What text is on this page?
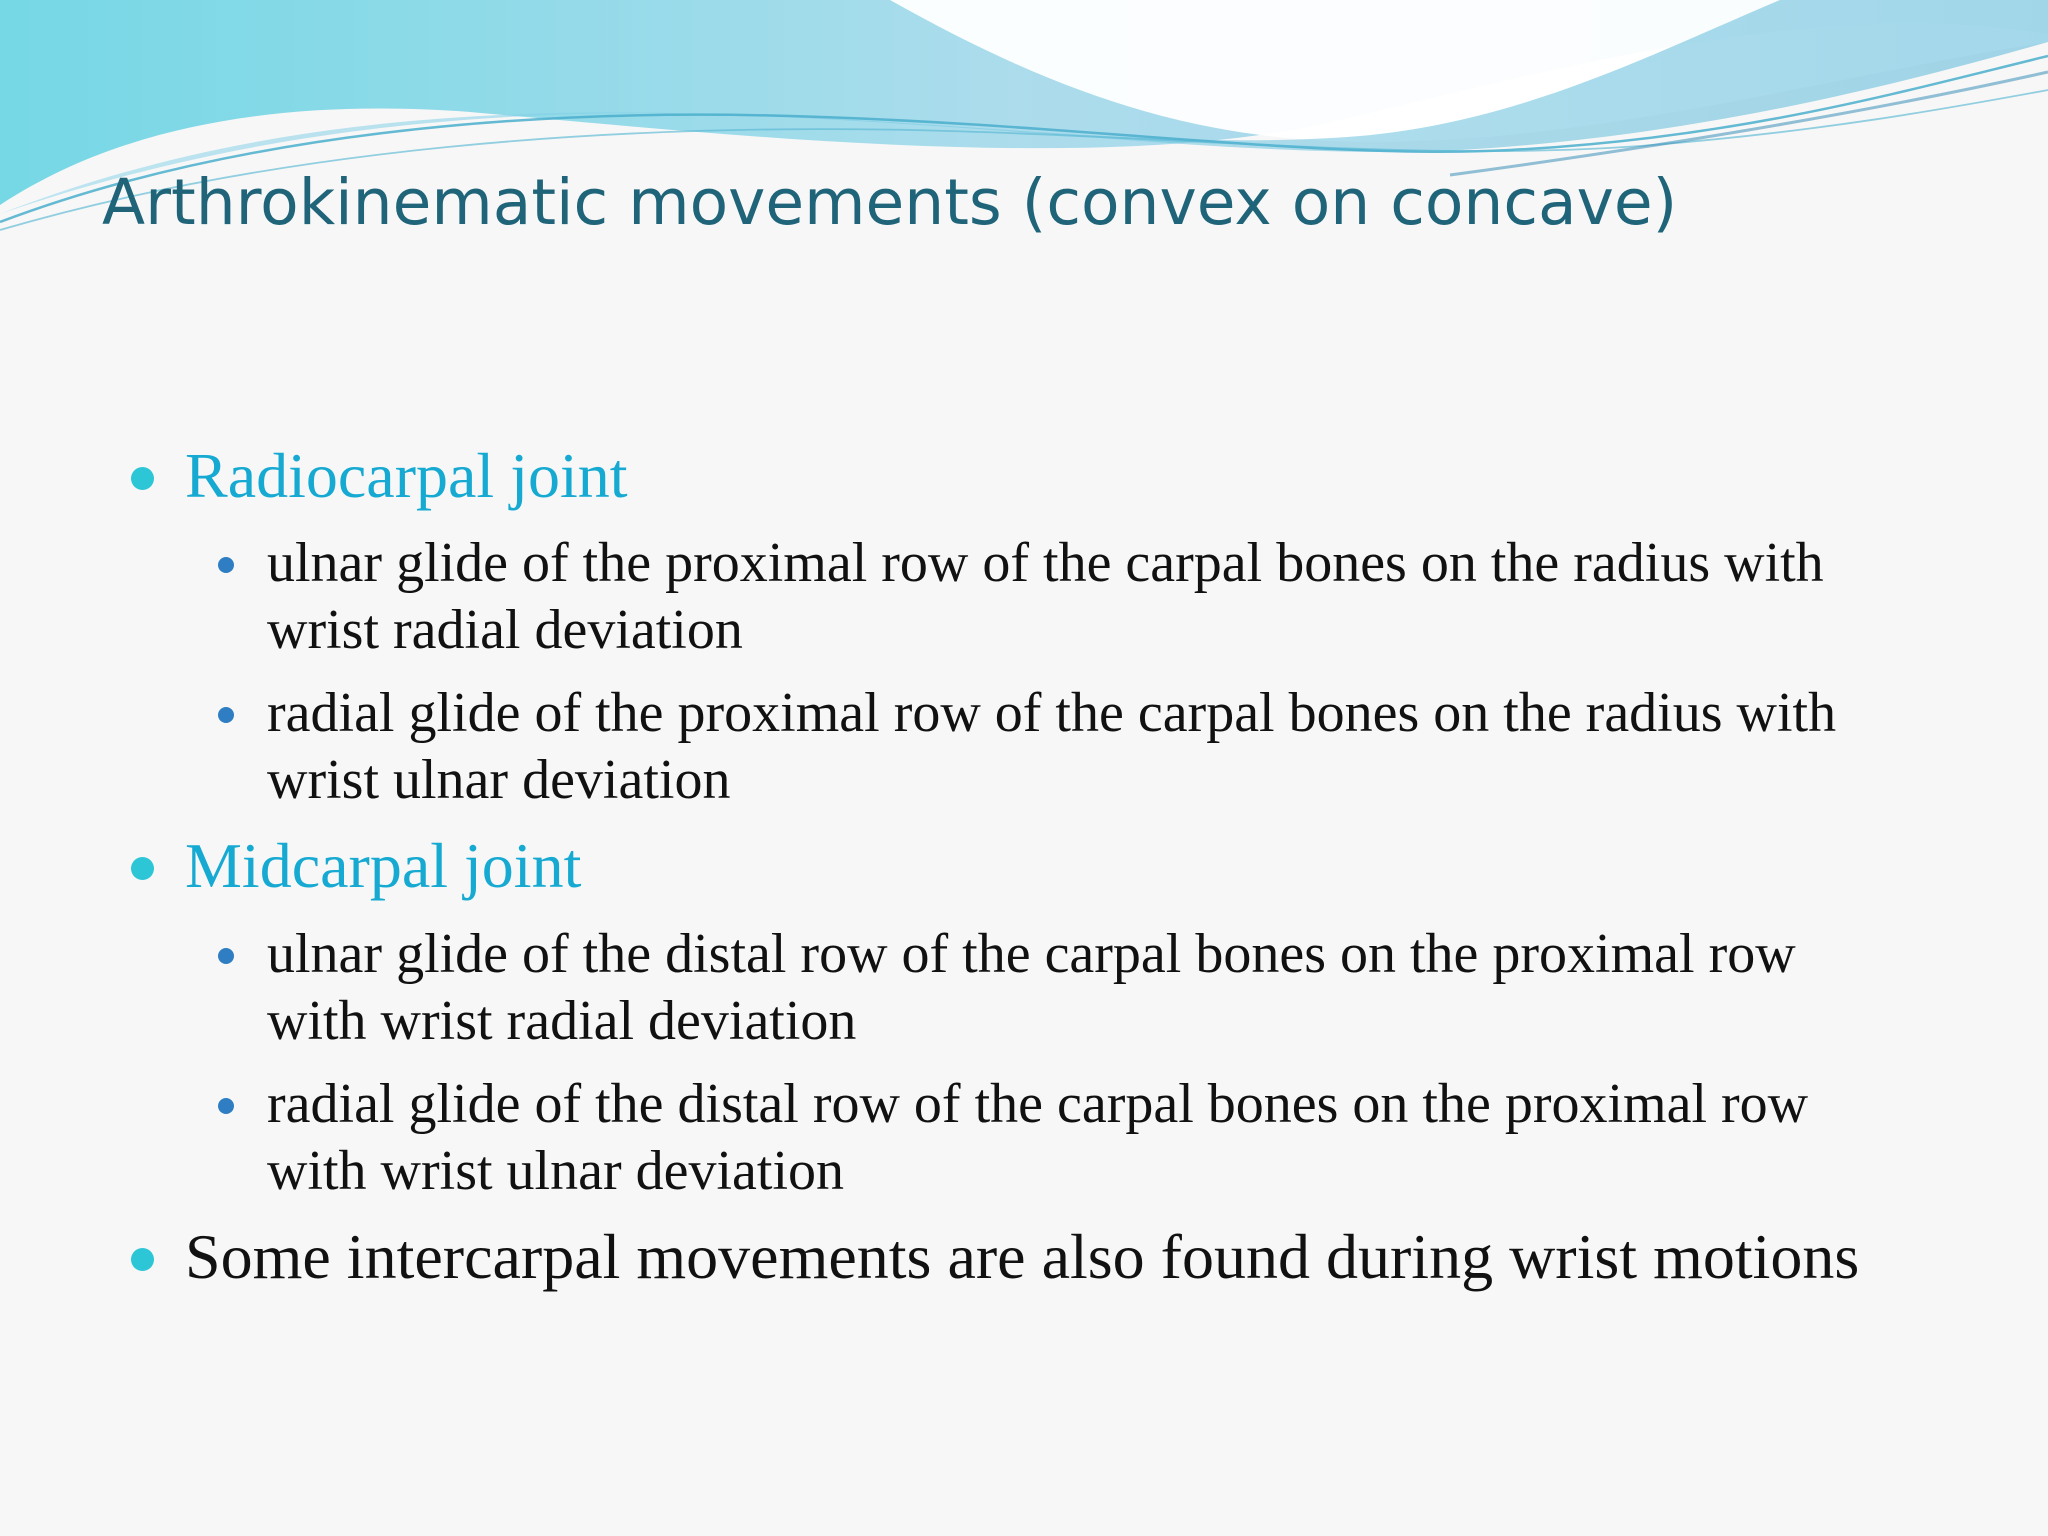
Arthrokinematic movements (convex on concave)
Radiocarpal joint
ulnar glide of the proximal row of the carpal bones on the radius with wrist radial deviation
radial glide of the proximal row of the carpal bones on the radius with wrist ulnar deviation
Midcarpal joint
ulnar glide of the distal row of the carpal bones on the proximal row with wrist radial deviation
radial glide of the distal row of the carpal bones on the proximal row with wrist ulnar deviation
Some intercarpal movements are also found during wrist motions
